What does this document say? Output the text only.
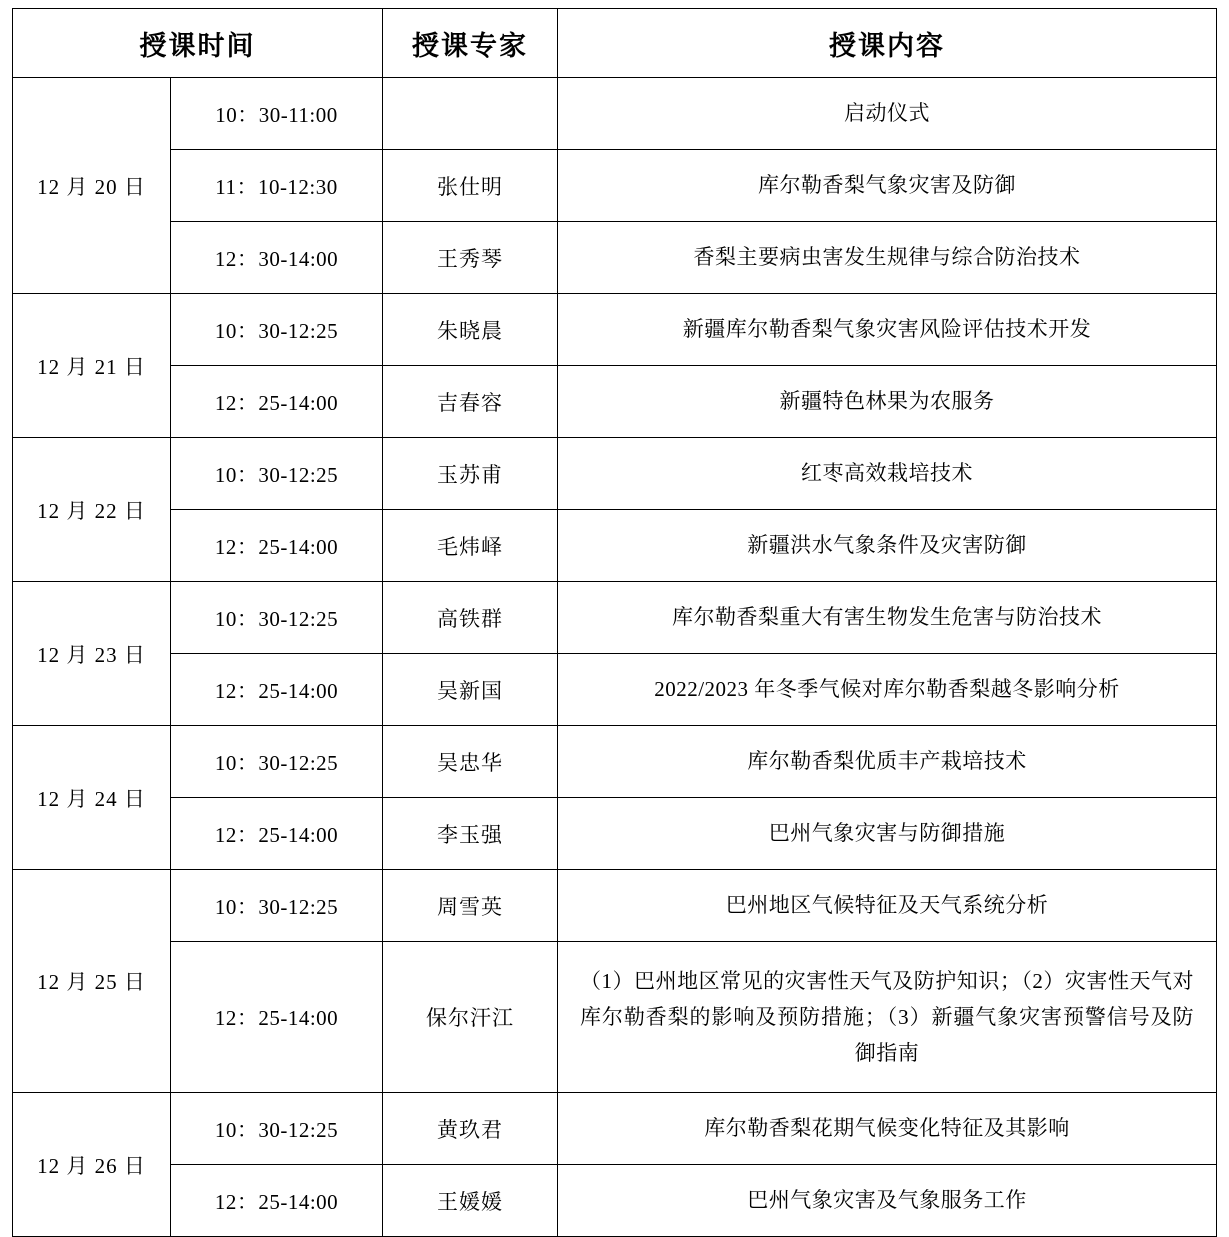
授课时间		授课专家	授课内容
12 月 20 日	10：30-11:00		启动仪式
	11：10-12:30	张仕明	库尔勒香梨气象灾害及防御
	12：30-14:00	王秀琴	香梨主要病虫害发生规律与综合防治技术
12 月 21 日	10：30-12:25	朱晓晨	新疆库尔勒香梨气象灾害风险评估技术开发
	12：25-14:00	吉春容	新疆特色林果为农服务
12 月 22 日	10：30-12:25	玉苏甫	红枣高效栽培技术
	12：25-14:00	毛炜峄	新疆洪水气象条件及灾害防御
12 月 23 日	10：30-12:25	高铁群	库尔勒香梨重大有害生物发生危害与防治技术
	12：25-14:00	吴新国	2022/2023 年冬季气候对库尔勒香梨越冬影响分析
12 月 24 日	10：30-12:25	吴忠华	库尔勒香梨优质丰产栽培技术
	12：25-14:00	李玉强	巴州气象灾害与防御措施
12 月 25 日	10：30-12:25	周雪英	巴州地区气候特征及天气系统分析
	12：25-14:00	保尔汗江	（1）巴州地区常见的灾害性天气及防护知识；（2）灾害性天气对库尔勒香梨的影响及预防措施；（3）新疆气象灾害预警信号及防御指南
12 月 26 日	10：30-12:25	黄玖君	库尔勒香梨花期气候变化特征及其影响
	12：25-14:00	王媛媛	巴州气象灾害及气象服务工作
